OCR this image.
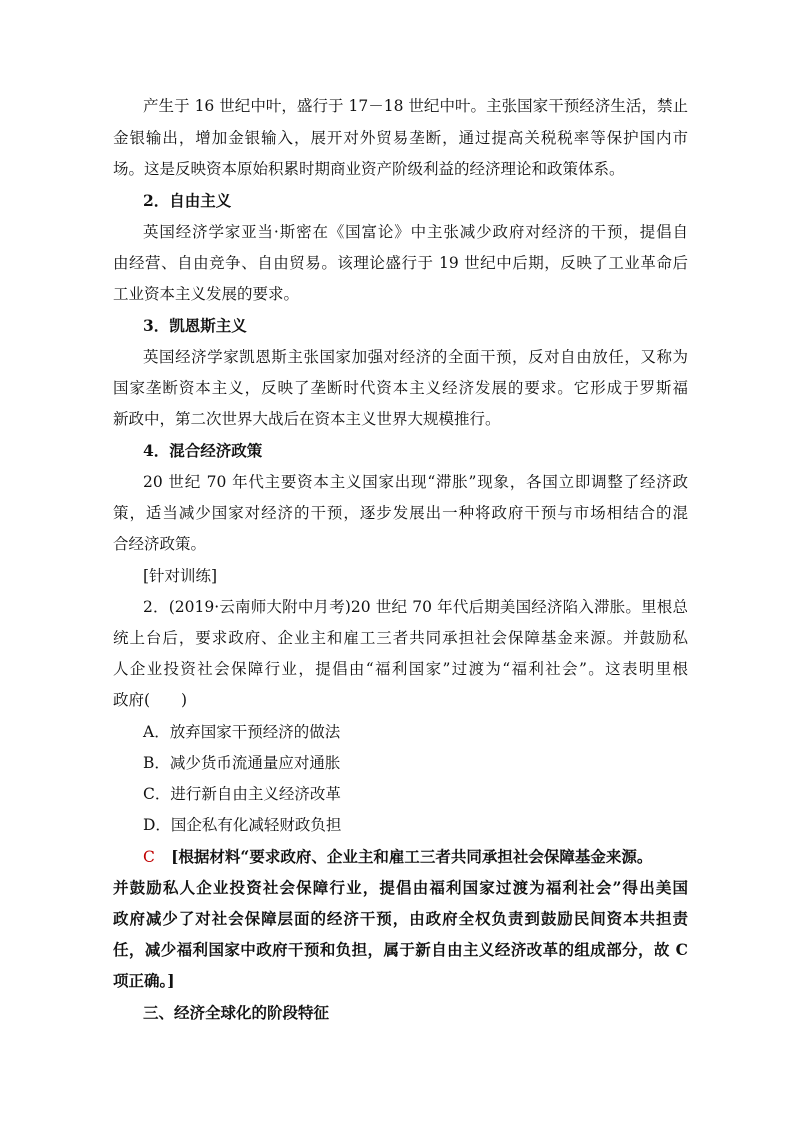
产生于 16 世纪中叶，盛行于 17－18 世纪中叶。主张国家干预经济生活，禁止
金银输出，增加金银输入，展开对外贸易垄断，通过提高关税税率等保护国内市
场。这是反映资本原始积累时期商业资产阶级利益的经济理论和政策体系。
2．自由主义
英国经济学家亚当·斯密在《国富论》中主张减少政府对经济的干预，提倡自
由经营、自由竞争、自由贸易。该理论盛行于 19 世纪中后期，反映了工业革命后
工业资本主义发展的要求。
3．凯恩斯主义
英国经济学家凯恩斯主张国家加强对经济的全面干预，反对自由放任，又称为
国家垄断资本主义，反映了垄断时代资本主义经济发展的要求。它形成于罗斯福
新政中，第二次世界大战后在资本主义世界大规模推行。
4．混合经济政策
20 世纪 70 年代主要资本主义国家出现“滞胀”现象，各国立即调整了经济政
策，适当减少国家对经济的干预，逐步发展出一种将政府干预与市场相结合的混
合经济政策。
[针对训练]
2．(2019·云南师大附中月考)20 世纪 70 年代后期美国经济陷入滞胀。里根总
统上台后，要求政府、企业主和雇工三者共同承担社会保障基金来源。并鼓励私
人企业投资社会保障行业，提倡由“福利国家”过渡为“福利社会”。这表明里根
政府(　　)
A．放弃国家干预经济的做法
B．减少货币流通量应对通胀
C．进行新自由主义经济改革
D．国企私有化减轻财政负担
C [根据材料“要求政府、企业主和雇工三者共同承担社会保障基金来源。
并鼓励私人企业投资社会保障行业，提倡由福利国家过渡为福利社会”得出美国
政府减少了对社会保障层面的经济干预，由政府全权负责到鼓励民间资本共担责
任，减少福利国家中政府干预和负担，属于新自由主义经济改革的组成部分，故 C
项正确。]
三、经济全球化的阶段特征
